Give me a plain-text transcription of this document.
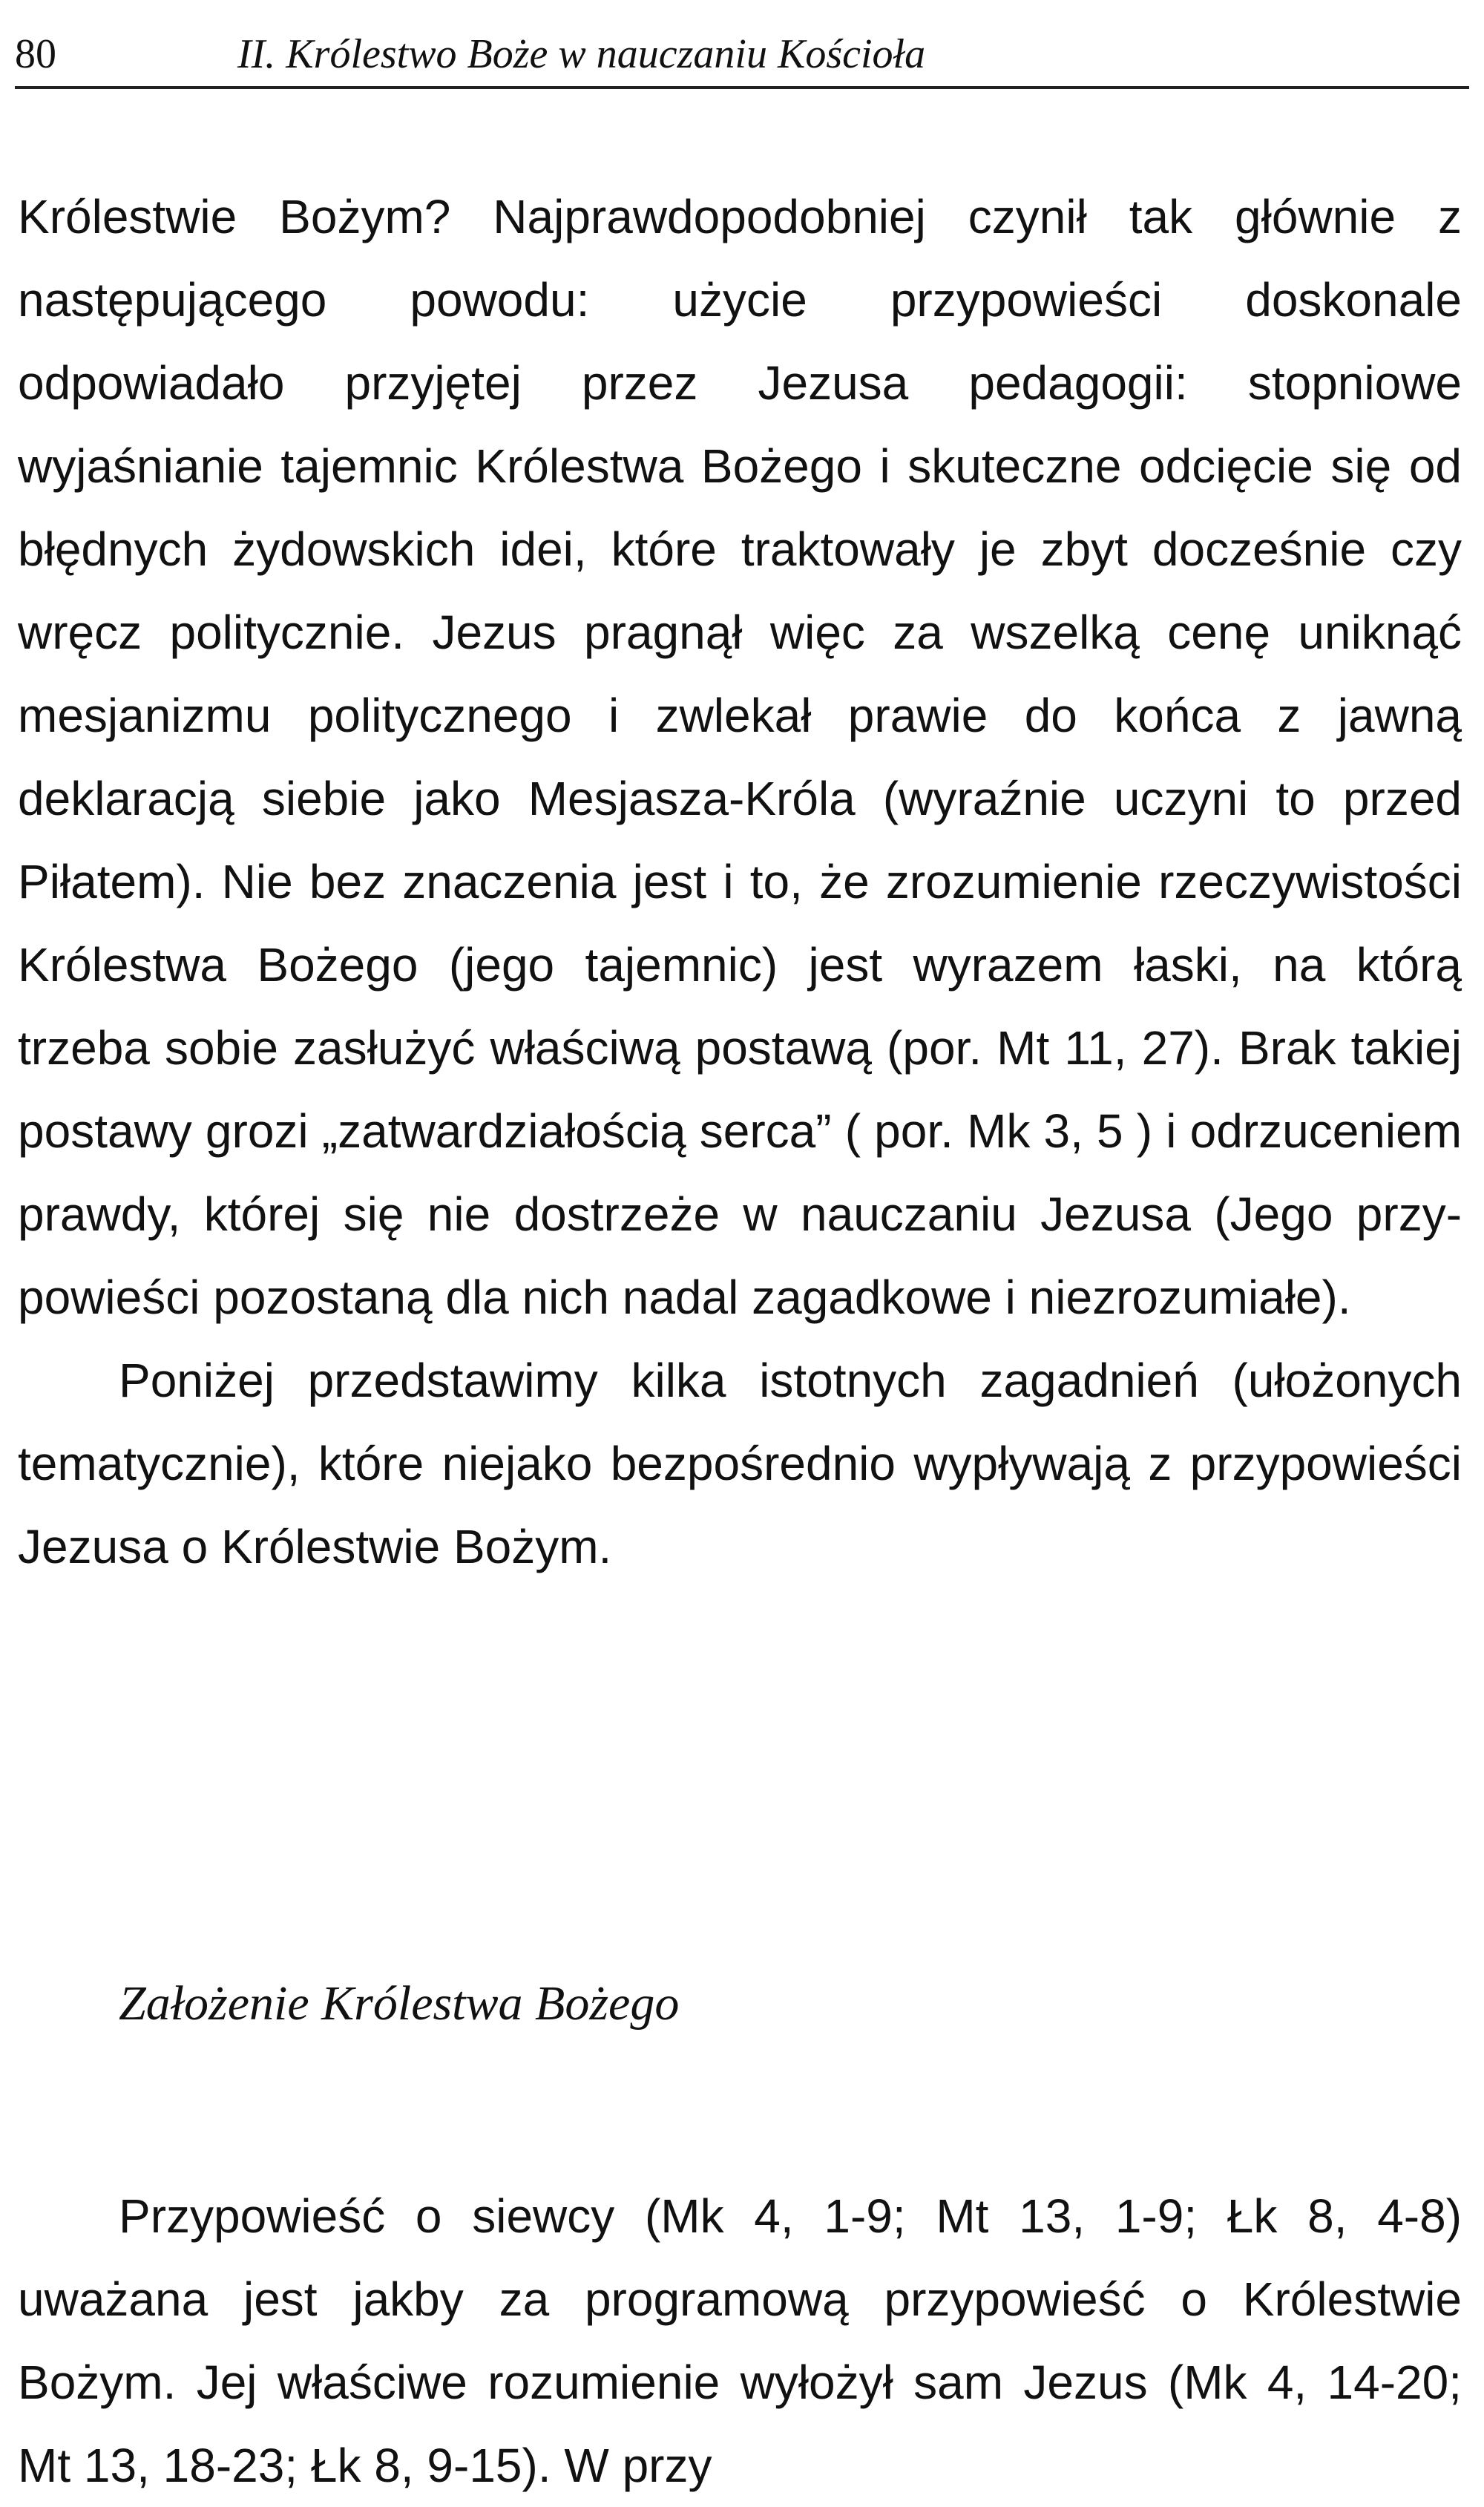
80	II. Królestwo Boże w nauczaniu Kościoła

Królestwie Bożym? Najprawdopodobniej czynił tak głównie z następującego powodu: użycie przypowieści doskonale odpowiadało przyjętej przez Jezusa pedagogii: stopniowe wyjaśnianie tajemnic Królestwa Bożego i skuteczne odcięcie się od błędnych żydowskich idei, które traktowały je zbyt docześnie czy wręcz politycznie. Jezus pragnął więc za wszelką cenę uniknąć mesjanizmu politycznego i zwlekał prawie do końca z jawną deklaracją siebie jako Mesjasza-Króla (wyraźnie uczyni to przed Piłatem). Nie bez znaczenia jest i to, że zrozumienie rzeczywistości Królestwa Bożego (jego tajemnic) jest wyrazem łaski, na którą trzeba sobie zasłużyć właściwą postawą (por. Mt 11, 27). Brak takiej postawy grozi „zatwardziałością serca” ( por. Mk 3, 5 ) i odrzuceniem prawdy, której się nie dostrzeże w nauczaniu Jezusa (Jego przypowieści pozostaną dla nich nadal zagadkowe i niezrozumiałe).

Poniżej przedstawimy kilka istotnych zagadnień (ułożonych tematycznie), które niejako bezpośrednio wypływają z przypowieści Jezusa o Królestwie Bożym.

Założenie Królestwa Bożego

Przypowieść o siewcy (Mk 4, 1-9; Mt 13, 1-9; Łk 8, 4-8) uważana jest jakby za programową przypowieść o Królestwie Bożym. Jej właściwe rozumienie wyłożył sam Jezus (Mk 4, 14-20; Mt 13, 18-23; Łk 8, 9-15). W przy
